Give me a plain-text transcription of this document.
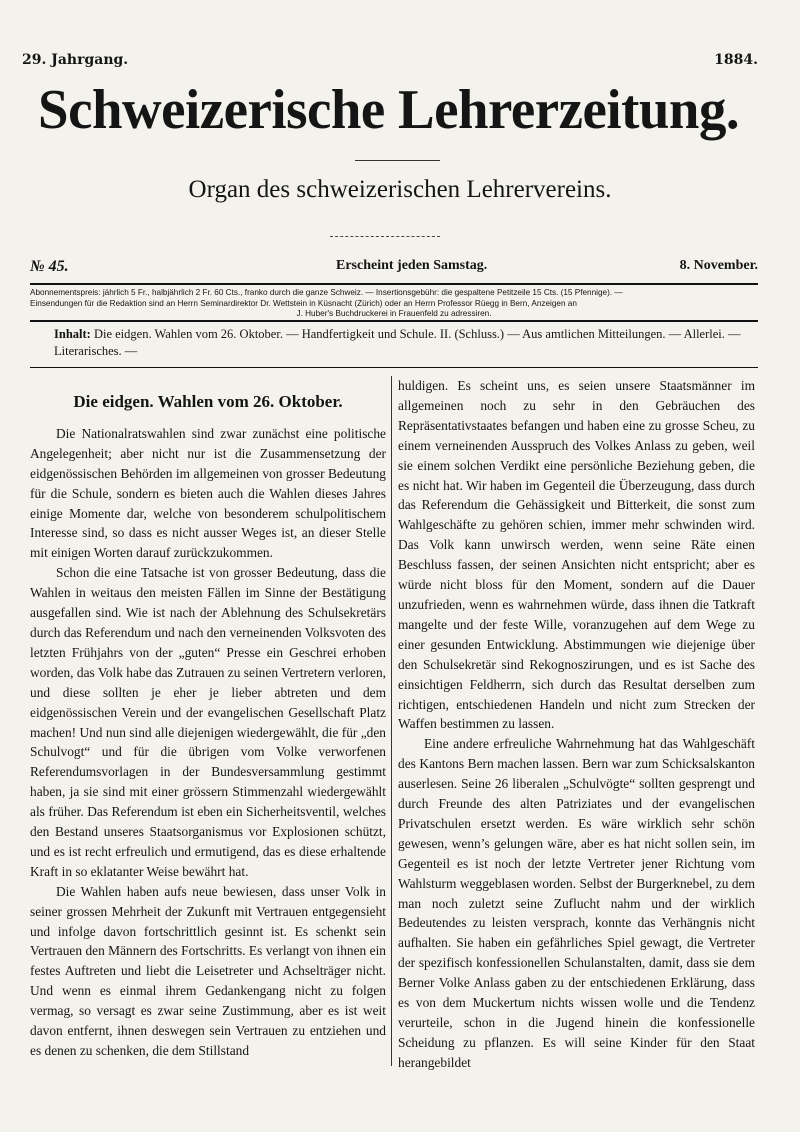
29. Jahrgang.	1884.
Schweizerische Lehrerzeitung.
Organ des schweizerischen Lehrervereins.
№ 45.	Erscheint jeden Samstag.	8. November.
Abonnementspreis: jährlich 5 Fr., halbjährlich 2 Fr. 60 Cts., franko durch die ganze Schweiz. — Insertionsgebühr: die gespaltene Petitzeile 15 Cts. (15 Pfennige). —
Einsendungen für die Redaktion sind an Herrn Seminardirektor Dr. Wettstein in Küsnacht (Zürich) oder an Herrn Professor Rüegg in Bern, Anzeigen an
J. Huber's Buchdruckerei in Frauenfeld zu adressiren.
Inhalt: Die eidgen. Wahlen vom 26. Oktober. — Handfertigkeit und Schule. II. (Schluss.) — Aus amtlichen Mitteilungen. — Allerlei. — Literarisches. —
Die eidgen. Wahlen vom 26. Oktober.

Die Nationalratswahlen sind zwar zunächst eine politische Angelegenheit; aber nicht nur ist die Zusammensetzung der eidgenössischen Behörden im allgemeinen von grosser Bedeutung für die Schule, sondern es bieten auch die Wahlen dieses Jahres einige Momente dar, welche von besonderem schulpolitischem Interesse sind, so dass es nicht ausser Weges ist, an dieser Stelle mit einigen Worten darauf zurückzukommen.

Schon die eine Tatsache ist von grosser Bedeutung, dass die Wahlen in weitaus den meisten Fällen im Sinne der Bestätigung ausgefallen sind. Wie ist nach der Ablehnung des Schulsekretärs durch das Referendum und nach den verneinenden Volksvoten des letzten Frühjahrs von der „guten“ Presse ein Geschrei erhoben worden, das Volk habe das Zutrauen zu seinen Vertretern verloren, und diese sollten je eher je lieber abtreten und dem eidgenössischen Verein und der evangelischen Gesellschaft Platz machen! Und nun sind alle diejenigen wiedergewählt, die für „den Schulvogt“ und für die übrigen vom Volke verworfenen Referendumsvorlagen in der Bundesversammlung gestimmt haben, ja sie sind mit einer grössern Stimmenzahl wiedergewählt als früher. Das Referendum ist eben ein Sicherheitsventil, welches den Bestand unseres Staatsorganismus vor Explosionen schützt, und es ist recht erfreulich und ermutigend, das es diese erhaltende Kraft in so eklatanter Weise bewährt hat.

Die Wahlen haben aufs neue bewiesen, dass unser Volk in seiner grossen Mehrheit der Zukunft mit Vertrauen entgegensieht und infolge davon fortschrittlich gesinnt ist. Es schenkt sein Vertrauen den Männern des Fortschritts. Es verlangt von ihnen ein festes Auftreten und liebt die Leisetreter und Achselträger nicht. Und wenn es einmal ihrem Gedankengang nicht zu folgen vermag, so versagt es zwar seine Zustimmung, aber es ist weit davon entfernt, ihnen deswegen sein Vertrauen zu entziehen und es denen zu schenken, die dem Stillstand

huldigen. Es scheint uns, es seien unsere Staatsmänner im allgemeinen noch zu sehr in den Gebräuchen des Repräsentativstaates befangen und haben eine zu grosse Scheu, zu einem verneinenden Ausspruch des Volkes Anlass zu geben, weil sie einem solchen Verdikt eine persönliche Beziehung geben, die es nicht hat. Wir haben im Gegenteil die Überzeugung, dass durch das Referendum die Gehässigkeit und Bitterkeit, die sonst zum Wahlgeschäfte zu gehören schien, immer mehr schwinden wird. Das Volk kann unwirsch werden, wenn seine Räte einen Beschluss fassen, der seinen Ansichten nicht entspricht; aber es würde nicht bloss für den Moment, sondern auf die Dauer unzufrieden, wenn es wahrnehmen würde, dass ihnen die Tatkraft mangelte und der feste Wille, voranzugehen auf dem Wege zu einer gesunden Entwicklung. Abstimmungen wie diejenige über den Schulsekretär sind Rekognoszirungen, und es ist Sache des einsichtigen Feldherrn, sich durch das Resultat derselben zum richtigen, entschiedenen Handeln und nicht zum Strecken der Waffen bestimmen zu lassen.

Eine andere erfreuliche Wahrnehmung hat das Wahlgeschäft des Kantons Bern machen lassen. Bern war zum Schicksalskanton auserlesen. Seine 26 liberalen „Schulvögte“ sollten gesprengt und durch Freunde des alten Patriziates und der evangelischen Privatschulen ersetzt werden. Es wäre wirklich sehr schön gewesen, wenn’s gelungen wäre, aber es hat nicht sollen sein, im Gegenteil es ist noch der letzte Vertreter jener Richtung vom Wahlsturm weggeblasen worden. Selbst der Burgerknebel, zu dem man noch zuletzt seine Zuflucht nahm und der wirklich Bedeutendes zu leisten versprach, konnte das Verhängnis nicht aufhalten. Sie haben ein gefährliches Spiel gewagt, die Vertreter der spezifisch konfessionellen Schulanstalten, damit, dass sie dem Berner Volke Anlass gaben zu der entschiedenen Erklärung, dass es von dem Muckertum nichts wissen wolle und die Tendenz verurteile, schon in die Jugend hinein die konfessionelle Scheidung zu pflanzen. Es will seine Kinder für den Staat herangebildet
